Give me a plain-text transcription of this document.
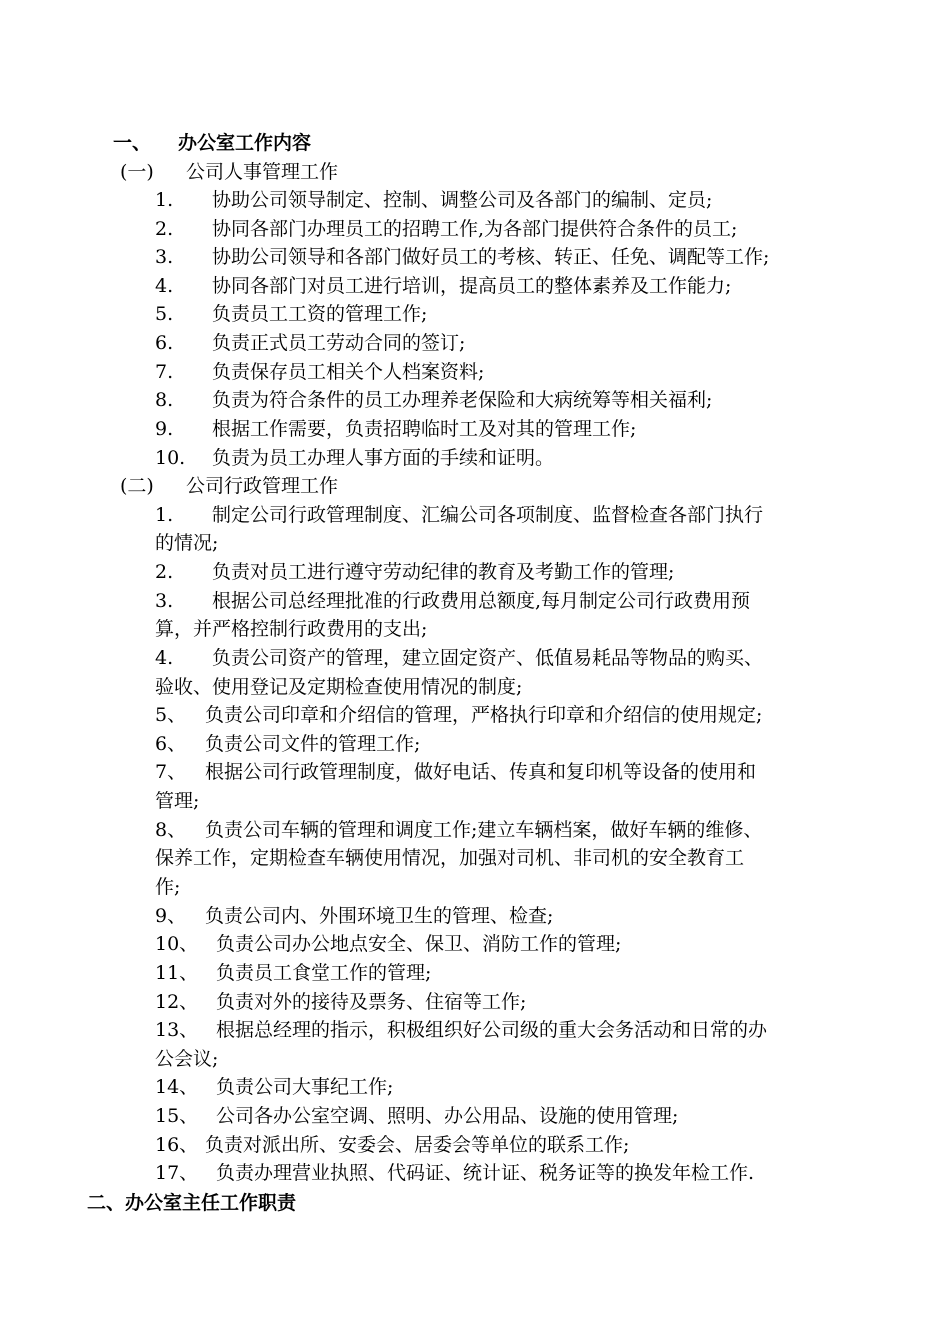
一、 办公室工作内容
(一) 公司人事管理工作
1. 协助公司领导制定、控制、调整公司及各部门的编制、定员;
2. 协同各部门办理员工的招聘工作,为各部门提供符合条件的员工;
3. 协助公司领导和各部门做好员工的考核、转正、任免、调配等工作;
4. 协同各部门对员工进行培训，提高员工的整体素养及工作能力;
5. 负责员工工资的管理工作;
6. 负责正式员工劳动合同的签订;
7. 负责保存员工相关个人档案资料;
8. 负责为符合条件的员工办理养老保险和大病统筹等相关福利;
9. 根据工作需要，负责招聘临时工及对其的管理工作;
10. 负责为员工办理人事方面的手续和证明。
(二) 公司行政管理工作
1. 制定公司行政管理制度、汇编公司各项制度、监督检查各部门执行
的情况;
2. 负责对员工进行遵守劳动纪律的教育及考勤工作的管理;
3. 根据公司总经理批准的行政费用总额度,每月制定公司行政费用预
算，并严格控制行政费用的支出;
4. 负责公司资产的管理，建立固定资产、低值易耗品等物品的购买、
验收、使用登记及定期检查使用情况的制度;
5、 负责公司印章和介绍信的管理，严格执行印章和介绍信的使用规定;
6、 负责公司文件的管理工作;
7、 根据公司行政管理制度，做好电话、传真和复印机等设备的使用和
管理;
8、 负责公司车辆的管理和调度工作;建立车辆档案，做好车辆的维修、
保养工作，定期检查车辆使用情况，加强对司机、非司机的安全教育工
作;
9、 负责公司内、外围环境卫生的管理、检查;
10、 负责公司办公地点安全、保卫、消防工作的管理;
11、 负责员工食堂工作的管理;
12、 负责对外的接待及票务、住宿等工作;
13、 根据总经理的指示，积极组织好公司级的重大会务活动和日常的办
公会议;
14、 负责公司大事纪工作;
15、 公司各办公室空调、照明、办公用品、设施的使用管理;
16、 负责对派出所、安委会、居委会等单位的联系工作;
17、 负责办理营业执照、代码证、统计证、税务证等的换发年检工作.
二、办公室主任工作职责
